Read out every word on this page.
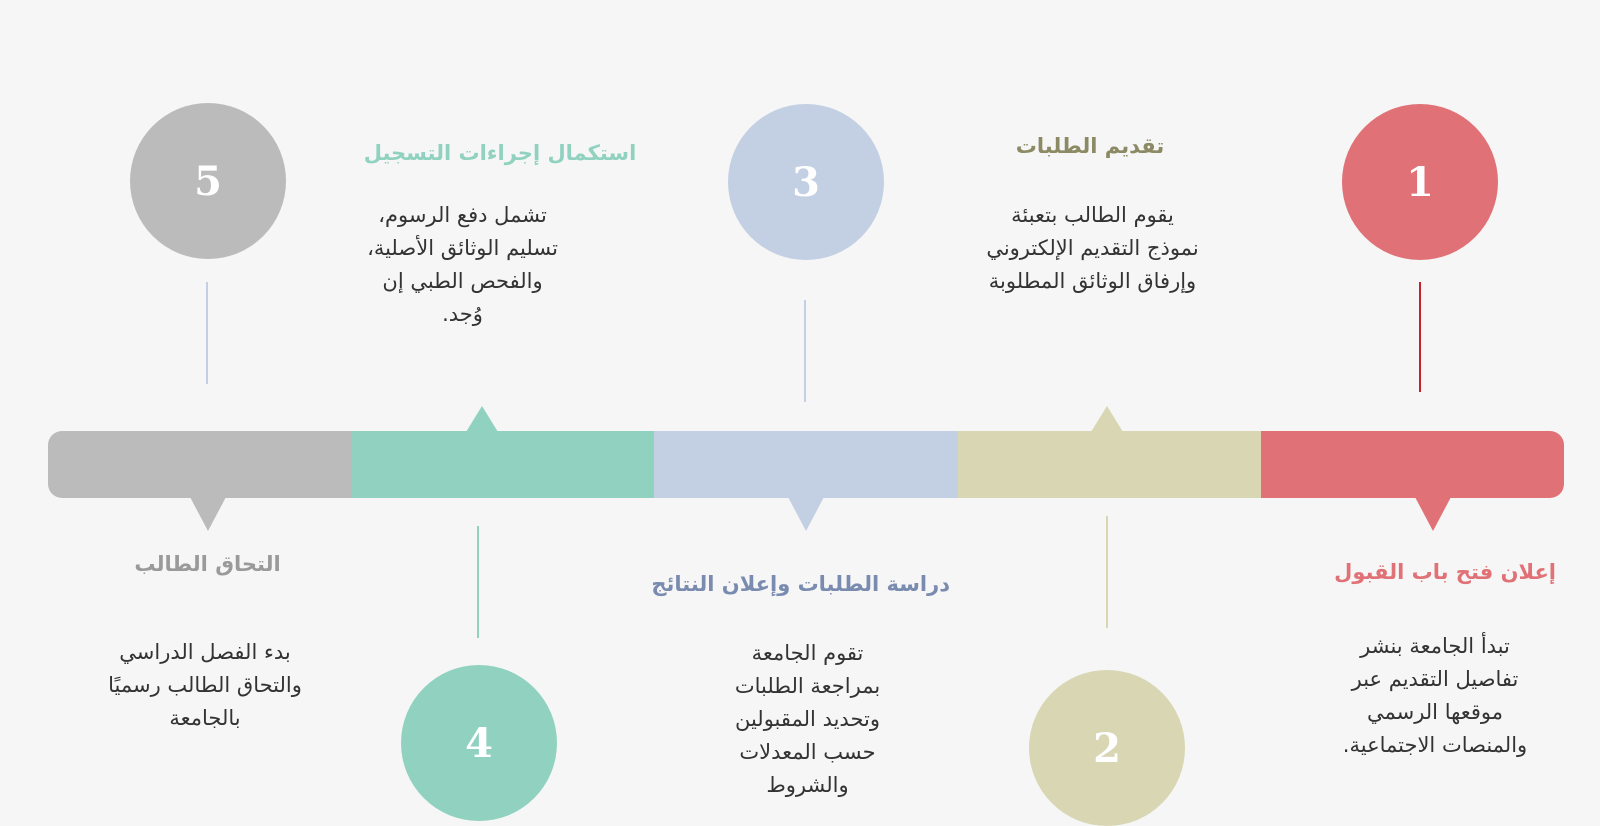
1
إعلان فتح باب القبول
تبدأ الجامعة بنشر تفاصيل التقديم عبر موقعها الرسمي والمنصات الاجتماعية.
تقديم الطلبات
يقوم الطالب بتعبئة نموذج التقديم الإلكتروني وإرفاق الوثائق المطلوبة
2
3
دراسة الطلبات وإعلان النتائج
تقوم الجامعة بمراجعة الطلبات وتحديد المقبولين حسب المعدلات والشروط
استكمال إجراءات التسجيل
تشمل دفع الرسوم، تسليم الوثائق الأصلية، والفحص الطبي إن وُجد.
4
5
التحاق الطالب
بدء الفصل الدراسي والتحاق الطالب رسميًا بالجامعة
